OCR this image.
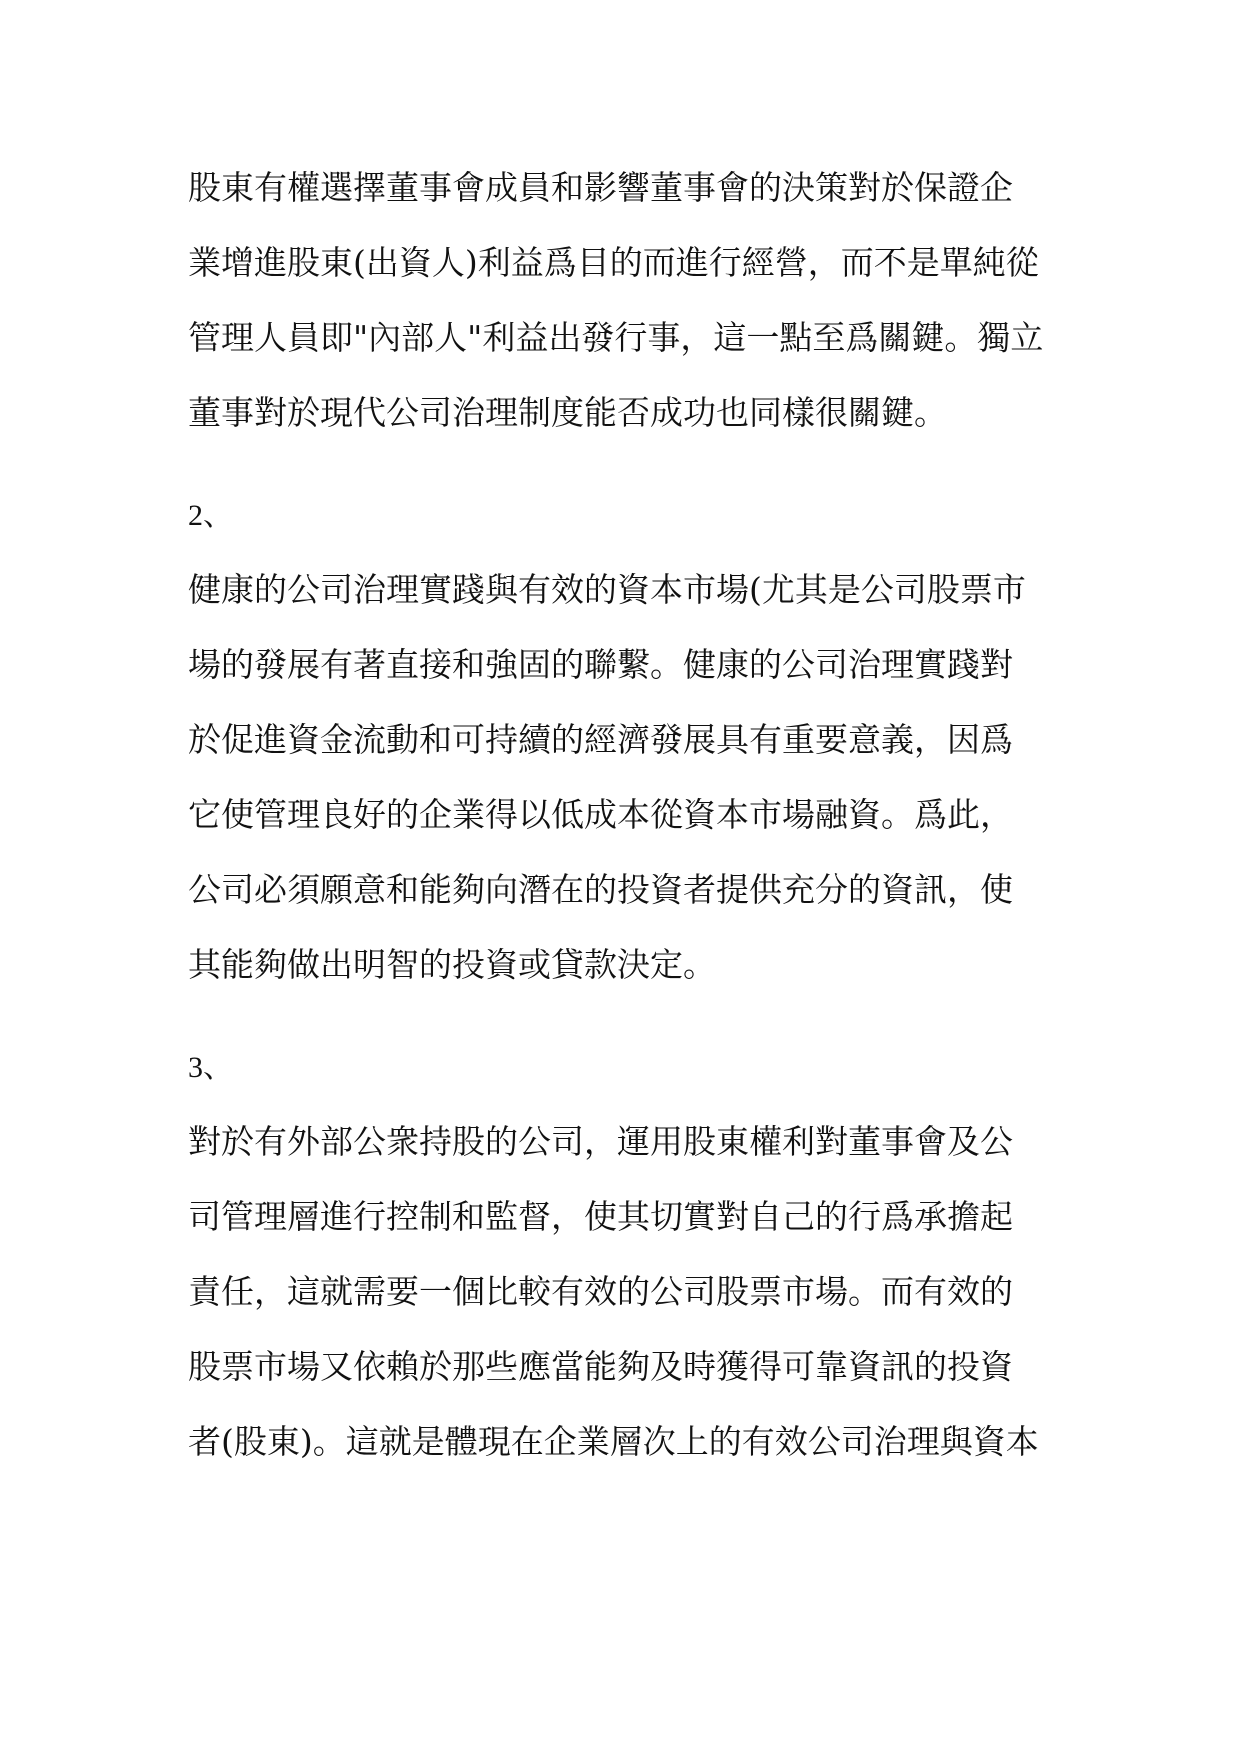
股東有權選擇董事會成員和影響董事會的決策對於保證企

業增進股東(出資人)利益爲目的而進行經營，而不是單純從

管理人員即"內部人"利益出發行事，這一點至爲關鍵。獨立

董事對於現代公司治理制度能否成功也同樣很關鍵。

2、

健康的公司治理實踐與有效的資本市場(尤其是公司股票市

場的發展有著直接和強固的聯繫。健康的公司治理實踐對

於促進資金流動和可持續的經濟發展具有重要意義，因爲

它使管理良好的企業得以低成本從資本市場融資。爲此，

公司必須願意和能夠向潛在的投資者提供充分的資訊，使

其能夠做出明智的投資或貸款決定。

3、

對於有外部公衆持股的公司，運用股東權利對董事會及公

司管理層進行控制和監督，使其切實對自己的行爲承擔起

責任，這就需要一個比較有效的公司股票市場。而有效的

股票市場又依賴於那些應當能夠及時獲得可靠資訊的投資

者(股東)。這就是體現在企業層次上的有效公司治理與資本
